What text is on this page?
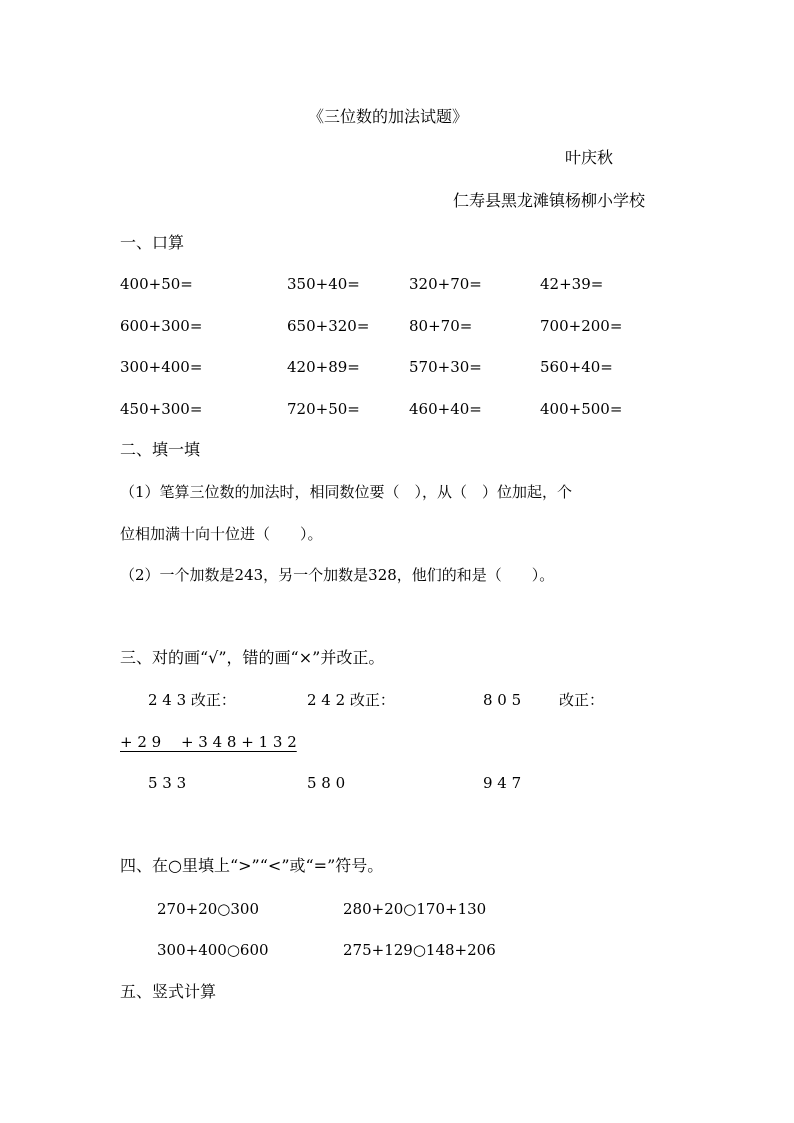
《三位数的加法试题》
叶庆秋
仁寿县黑龙滩镇杨柳小学校
一、口算
400+50=	350+40=	320+70=	42+39=
600+300=	650+320=	80+70=	700+200=
300+400=	420+89=	570+30=	560+40=
450+300=	720+50=	460+40=	400+500=
二、填一填
（1）笔算三位数的加法时，相同数位要（　），从（　）位加起，个
位相加满十向十位进（　　）。
（2）一个加数是243，另一个加数是328，他们的和是（　　）。
三、对的画“√”，错的画“×”并改正。
2 4 3 改正：	2 4 2 改正：	8 0 5	改正：
+ 2 9　 + 3 4 8 + 1 3 2
5 3 3	5 8 0	9 4 7
四、在○里填上“>”“<”或“=”符号。
270+20○300	280+20○170+130
300+400○600	275+129○148+206
五、竖式计算
